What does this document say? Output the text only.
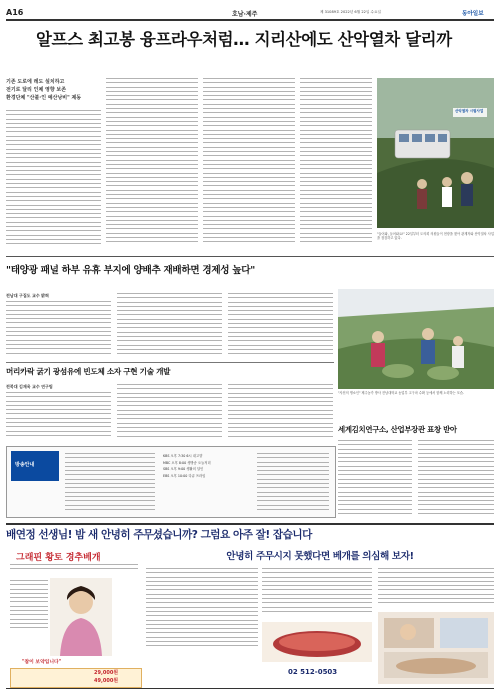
A16	호남·제주	제 31089호 2022년 6월 22일 수요일	동아일보
알프스 최고봉 융프라우처럼… 지리산에도 산악열차 달리까
기존 도로에 레도 설치하고
전기로 달리 인체 영향 보존
환경단체 "산불·인 예산낭비" 제동
산악열차 시범사업
"들어와, 들어와요!" 22일부터 도의회 의원들이 현장을 찾아 관계자와 산악열차 사업을 점검하고 있다.
"태양광 패널 하부 유휴 부지에 양배추 재배하면 경제성 높다"
전남대 구집도 교수 밝혀
"사천의 명소인" 제주농가 방사 전남대학교 농업부 고구마 수확 등에서 함께 노력하는 모습.
머리카락 굵기 광섬유에 빈도체 소자 구현 기술 개발
전북대 김재욱 교수 연구팀
세계김치연구소, 산업부장관 표창 받아
방송안내
KBS 오후 7:30 6시 내고향
MBC 오후 8:00 생방송 오늘저녁
SBS 오후 9:00 생활의 달인
EBS 오후 10:00 다큐 프라임
배연정 선생님! 밤 새 안녕히 주무셨습니까? 그럼요 아주 잘! 잡습니다
그래핀 황토 경추베개
"참이 보약입니다"
29,000원
49,000원
안녕히 주무시지 못했다면 베개를 의심해 보자!
02 512-0503
